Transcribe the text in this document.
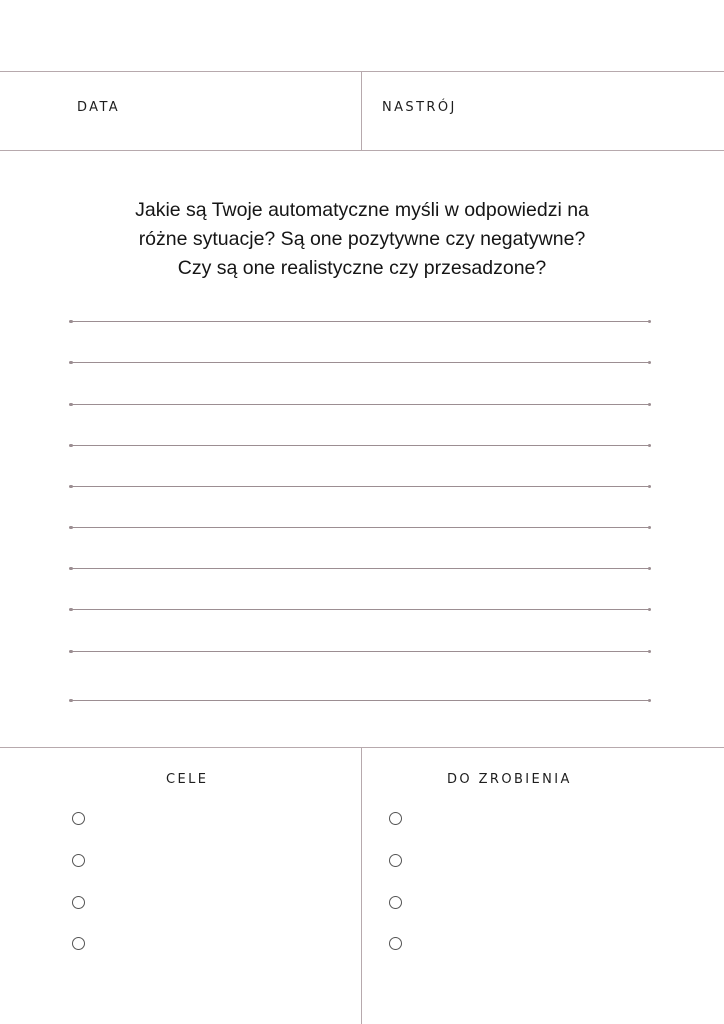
DATA	NASTRÓJ
Jakie są Twoje automatyczne myśli w odpowiedzi na
różne sytuacje? Są one pozytywne czy negatywne?
Czy są one realistyczne czy przesadzone?
CELE	DO ZROBIENIA
